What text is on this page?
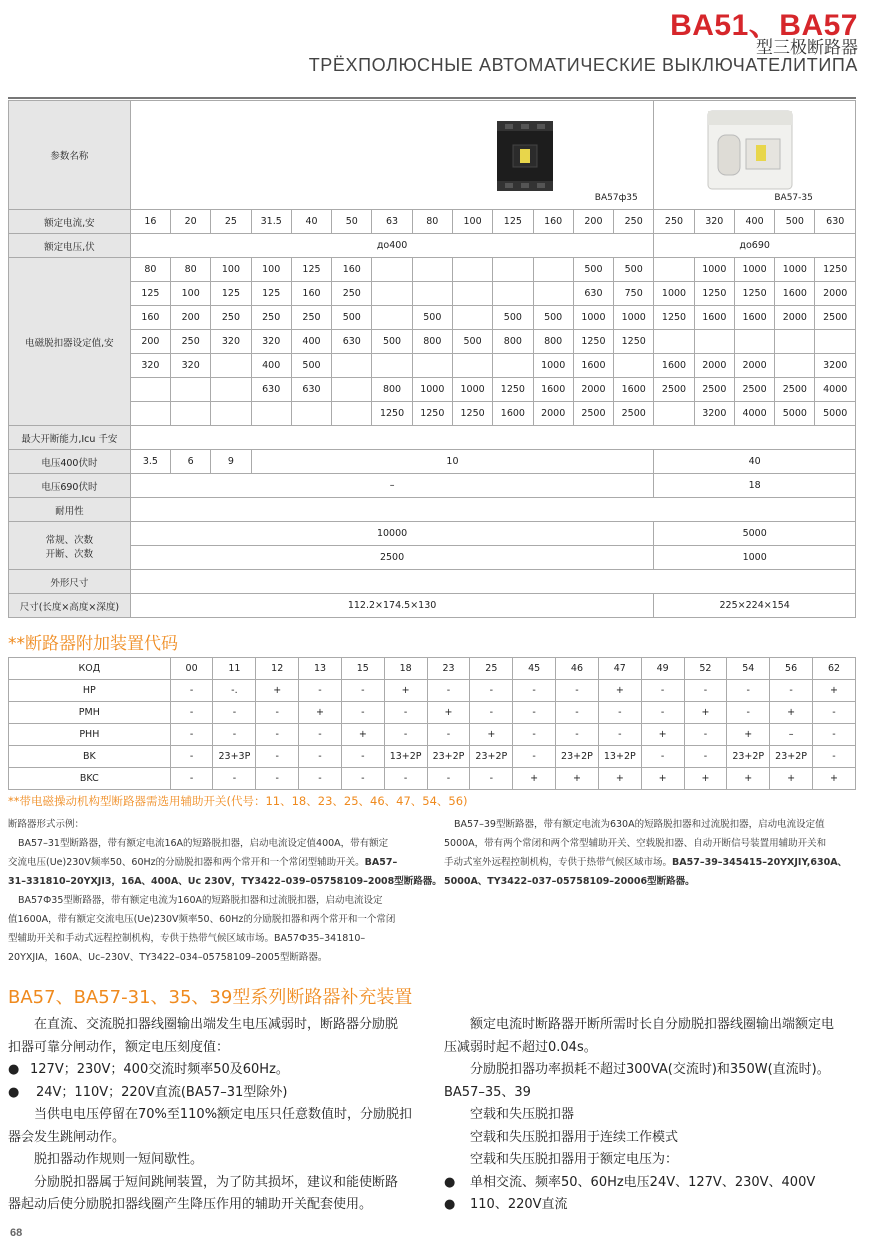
BA51、BA57
型三极断路器
ТРЁХПОЛЮСНЫЕ АВТОМАТИЧЕСКИЕ ВЫКЛЮЧАТЕЛИТИПА
参数名称	BA57ф35													BA57-35				

额定电流,安	16	20	25	31.5	40	50	63	80	100	125	160	200	250	250	320	400	500	630
额定电压,伏	до400													до690				
电磁脱扣器设定值,安	80	80	100	100	125	160						500	500		1000	1000	1000	1250
	125	100	125	125	160	250						630	750	1000	1250	1250	1600	2000
	160	200	250	250	250	500		500		500	500	1000	1000	1250	1600	1600	2000	2500
	200	250	320	320	400	630	500	800	500	800	800	1250	1250					
	320	320		400	500						1000	1600		1600	2000	2000		3200
				630	630		800	1000	1000	1250	1600	2000	1600	2500	2500	2500	2500	4000
							1250	1250	1250	1600	2000	2500	2500		3200	4000	5000	5000
最大开断能力,Icu 千安																		
电压400伏时	3.5	6	9	10										40				
电压690伏时	–													18				
耐用性																		

常规、次数
开断、次数	10000													5000				
	2500													1000				
外形尺寸																		
尺寸(长度×高度×深度)	112.2×174.5×130													225×224×154				
**断路器附加装置代码
КОД	00	11	12	13	15	18	23	25	45	46	47	49	52	54	56	62
HP	-	-.	+	-	-	+	-	-	-	-	+	-	-	-	-	+
PMH	-	-	-	+	-	-	+	-	-	-	-	-	+	-	+	-
PHH	-	-	-	-	+	-	-	+	-	-	-	+	-	+	–	-
BK	-	23+3P	-	-	-	13+2P	23+2P	23+2P	-	23+2P	13+2P	-	-	23+2P	23+2P	-
BKC	-	-	-	-	-	-	-	-	+	+	+	+	+	+	+	+
**带电磁操动机构型断路器需选用辅助开关(代号：11、18、23、25、46、47、54、56)
断路器形式示例：
BA57–31型断路器，带有额定电流16A的短路脱扣器，启动电流设定值400A，带有额定
交流电压(Ue)230V频率50、60Hz的分励脱扣器和两个常开和一个常闭型辅助开关。BA57–
31–331810–20YXJI3，16A、400A、Uc 230V，TY3422–039–05758109–2008型断路器。
BA57Ф35型断路器，带有额定电流为160A的短路脱扣器和过流脱扣器，启动电流设定
值1600A，带有额定交流电压(Ue)230V频率50、60Hz的分励脱扣器和两个常开和一个常闭
型辅助开关和手动式远程控制机构，专供于热带气候区域市场。BA57Ф35–341810–
20YXJIA，160A、Uc–230V、TY3422–034–05758109–2005型断路器。
BA57–39型断路器，带有额定电流为630A的短路脱扣器和过流脱扣器，启动电流设定值
5000A，带有两个常闭和两个常型辅助开关、空载脱扣器、自动开断信号装置用辅助开关和
手动式室外远程控制机构，专供于热带气候区域市场。BA57–39–345415–20YXJIY,630A、
5000A、TY3422–037–05758109–20006型断路器。
BA57、BA57-31、35、39型系列断路器补充装置
在直流、交流脱扣器线圈输出端发生电压减弱时，断路器分励脱
扣器可靠分闸动作，额定电压刻度值：
● 127V；230V；400交流时频率50及60Hz。
● 24V；110V；220V直流(BA57–31型除外)
当供电电压停留在70%至110%额定电压只任意数值时，分励脱扣
器会发生跳闸动作。
脱扣器动作规则一短间歇性。
分励脱扣器属于短间跳闸装置，为了防其损坏，建议和能使断路
器起动后使分励脱扣器线圈产生降压作用的辅助开关配套使用。
额定电流时断路器开断所需时长自分励脱扣器线圈输出端额定电
压减弱时起不超过0.04s。
分励脱扣器功率损耗不超过300VA(交流时)和350W(直流时)。
BA57–35、39
空载和失压脱扣器
空载和失压脱扣器用于连续工作模式
空载和失压脱扣器用于额定电压为：
● 单相交流、频率50、60Hz电压24V、127V、230V、400V
● 110、220V直流
68
